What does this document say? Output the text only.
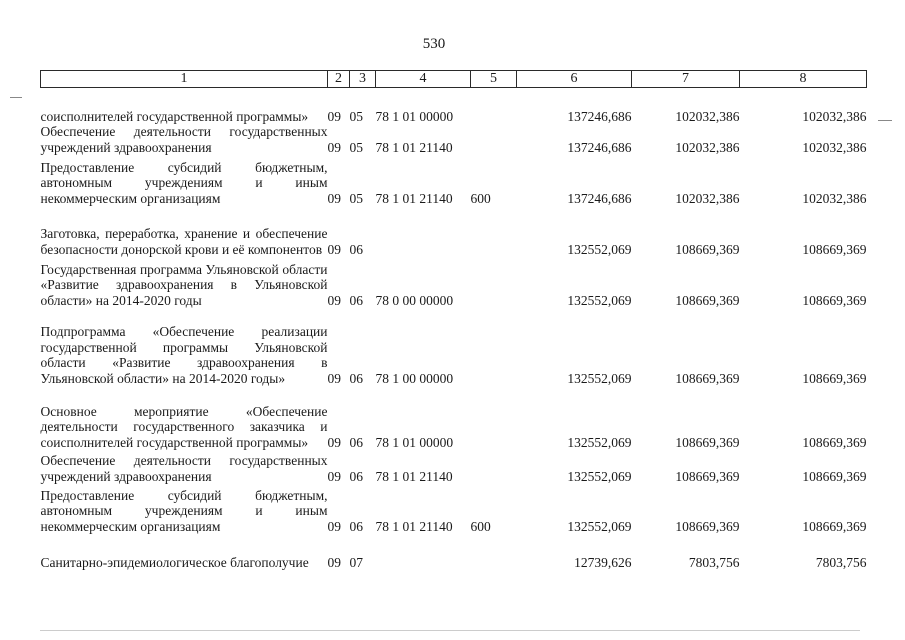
530
1	2	3	4	5	6	7	8
соисполнителей государственной программы»	09	05	78 1 01 00000		137246,686	102032,386	102032,386
Обеспечение деятельности государственных учреждений здравоохранения	09	05	78 1 01 21140		137246,686	102032,386	102032,386
Предоставление субсидий бюджетным, автономным учреждениям и иным некоммерческим организациям	09	05	78 1 01 21140	600	137246,686	102032,386	102032,386
Заготовка, переработка, хранение и обеспечение безопасности донорской крови и её компонентов	09	06			132552,069	108669,369	108669,369
Государственная программа Ульяновской области «Развитие здравоохранения в Ульяновской области» на 2014-2020 годы	09	06	78 0 00 00000		132552,069	108669,369	108669,369
Подпрограмма «Обеспечение реализации государственной программы Ульяновской области «Развитие здравоохранения в Ульяновской области» на 2014-2020 годы»	09	06	78 1 00 00000		132552,069	108669,369	108669,369
Основное мероприятие «Обеспечение деятельности государственного заказчика и соисполнителей государственной программы»	09	06	78 1 01 00000		132552,069	108669,369	108669,369
Обеспечение деятельности государственных учреждений здравоохранения	09	06	78 1 01 21140		132552,069	108669,369	108669,369
Предоставление субсидий бюджетным, автономным учреждениям и иным некоммерческим организациям	09	06	78 1 01 21140	600	132552,069	108669,369	108669,369
Санитарно-эпидемиологическое благополучие	09	07			12739,626	7803,756	7803,756
